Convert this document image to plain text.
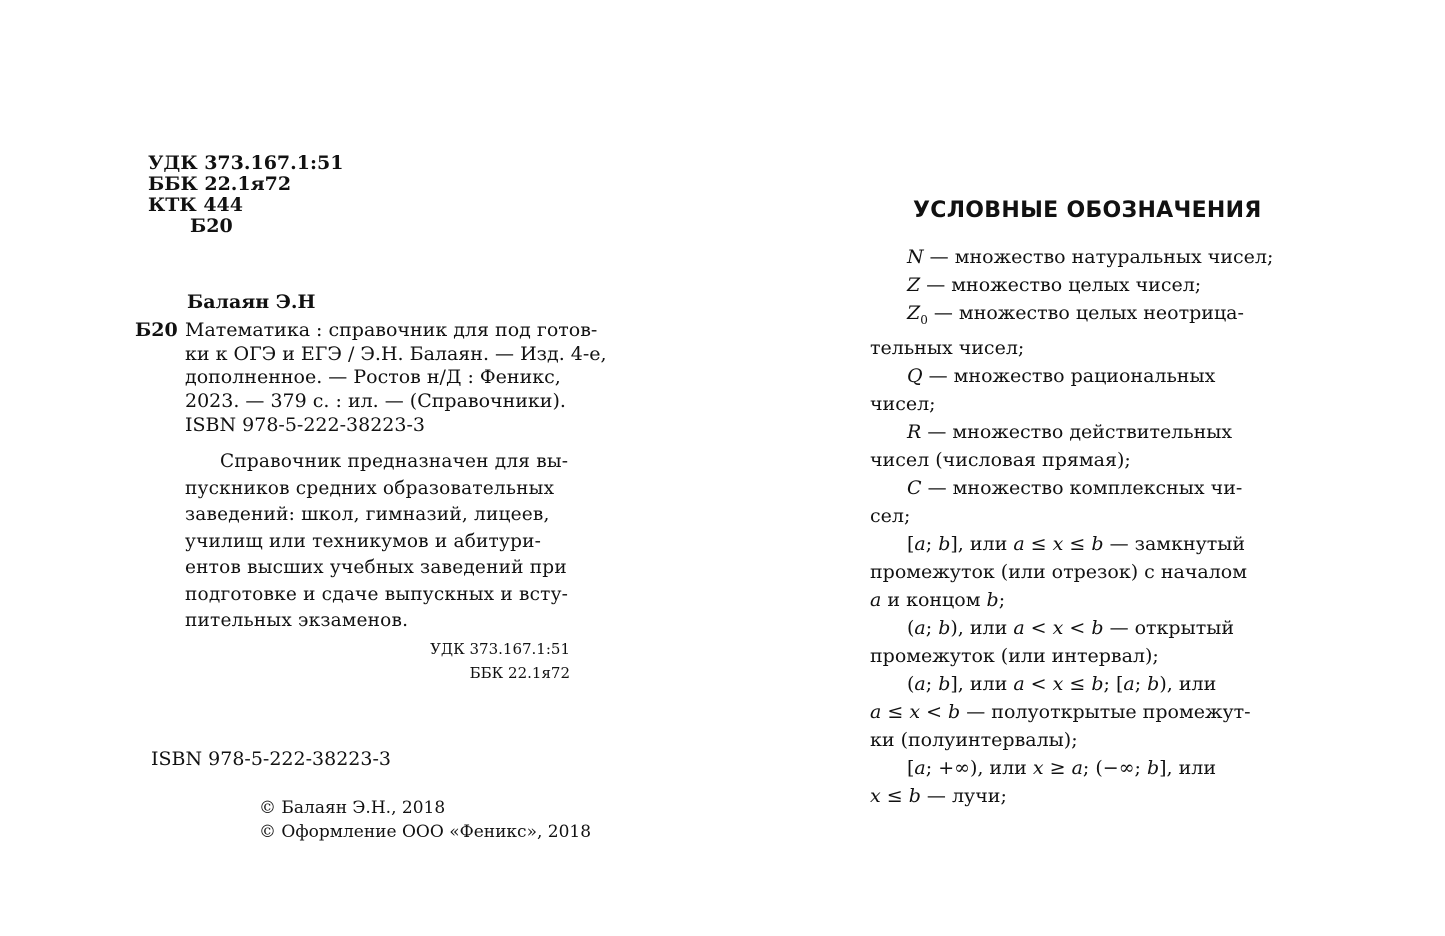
УДК 373.167.1:51
ББК 22.1я72
КТК 444
Б20
Балаян Э.Н
Б20 Математика : справочник для под готов-
ки к ОГЭ и ЕГЭ / Э.Н. Балаян. — Изд. 4-е,
дополненное. — Ростов н/Д : Феникс,
2023. — 379 с. : ил. — (Справочники).
ISBN 978-5-222-38223-3
Справочник предназначен для вы-
пускников средних образовательных
заведений: школ, гимназий, лицеев,
училищ или техникумов и абитури-
ентов высших учебных заведений при
подготовке и сдаче выпускных и всту-
пительных экзаменов.
УДК 373.167.1:51
ББК 22.1я72
ISBN 978-5-222-38223-3
© Балаян Э.Н., 2018
© Оформление ООО «Феникс», 2018
УСЛОВНЫЕ ОБОЗНАЧЕНИЯ
N — множество натуральных чисел;
Z — множество целых чисел;
$Z_0$ — множество целых неотрица-
тельных чисел;
Q — множество рациональных
чисел;
R — множество действительных
чисел (числовая прямая);
C — множество комплексных чи-
сел;
[a; b], или a ≤ x ≤ b — замкнутый
промежуток (или отрезок) с началом
a и концом b;
(a; b), или a < x < b — открытый
промежуток (или интервал);
(a; b], или a < x ≤ b; [a; b), или
a ≤ x < b — полуоткрытые промежут-
ки (полуинтервалы);
[a; +∞), или x ≥ a; (−∞; b], или
x ≤ b — лучи;
